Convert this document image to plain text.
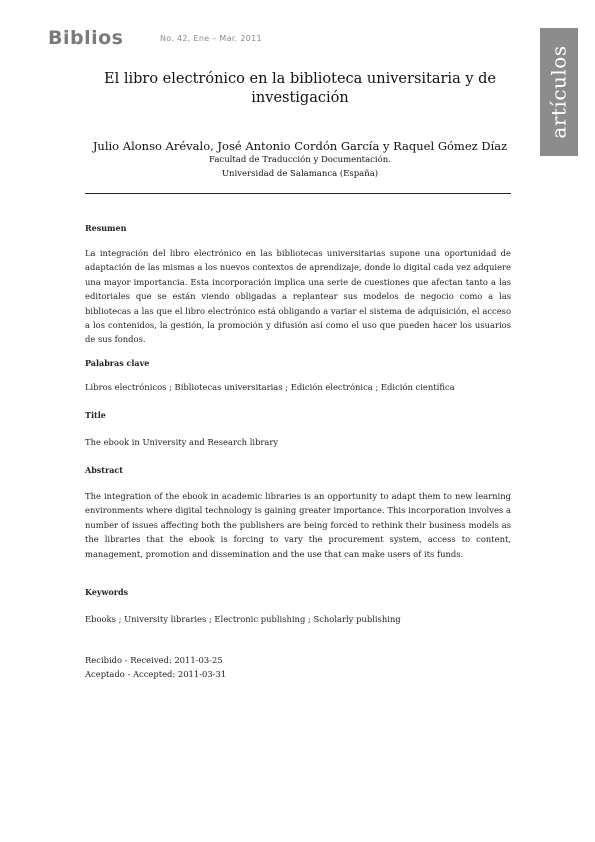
Biblios	No. 42, Ene – Mar. 2011
artículos
El libro electrónico en la biblioteca universitaria y de investigación
Julio Alonso Arévalo, José Antonio Cordón García y Raquel Gómez Díaz
Facultad de Traducción y Documentación.
Universidad de Salamanca (España)
Resumen
La integración del libro electrónico en las bibliotecas universitarias supone una oportunidad de adaptación de las mismas a los nuevos contextos de aprendizaje, donde lo digital cada vez adquiere una mayor importancia. Esta incorporación implica una serie de cuestiones que afectan tanto a las editoriales que se están viendo obligadas a replantear sus modelos de negocio como a las bibliotecas a las que el libro electrónico está obligando a variar el sistema de adquisición, el acceso a los contenidos, la gestión, la promoción y difusión así como el uso que pueden hacer los usuarios de sus fondos.
Palabras clave
Libros electrónicos ; Bibliotecas universitarias ; Edición electrónica ; Edición científica
Title
The ebook in University and Research library
Abstract
The integration of the ebook in academic libraries is an opportunity to adapt them to new learning environments where digital technology is gaining greater importance. This incorporation involves a number of issues affecting both the publishers are being forced to rethink their business models as the libraries that the ebook is forcing to vary the procurement system, access to content, management, promotion and dissemination and the use that can make users of its funds.
Keywords
Ebooks ; University libraries ; Electronic publishing ; Scholarly publishing
Recibido - Received: 2011-03-25
Aceptado - Accepted: 2011-03-31
